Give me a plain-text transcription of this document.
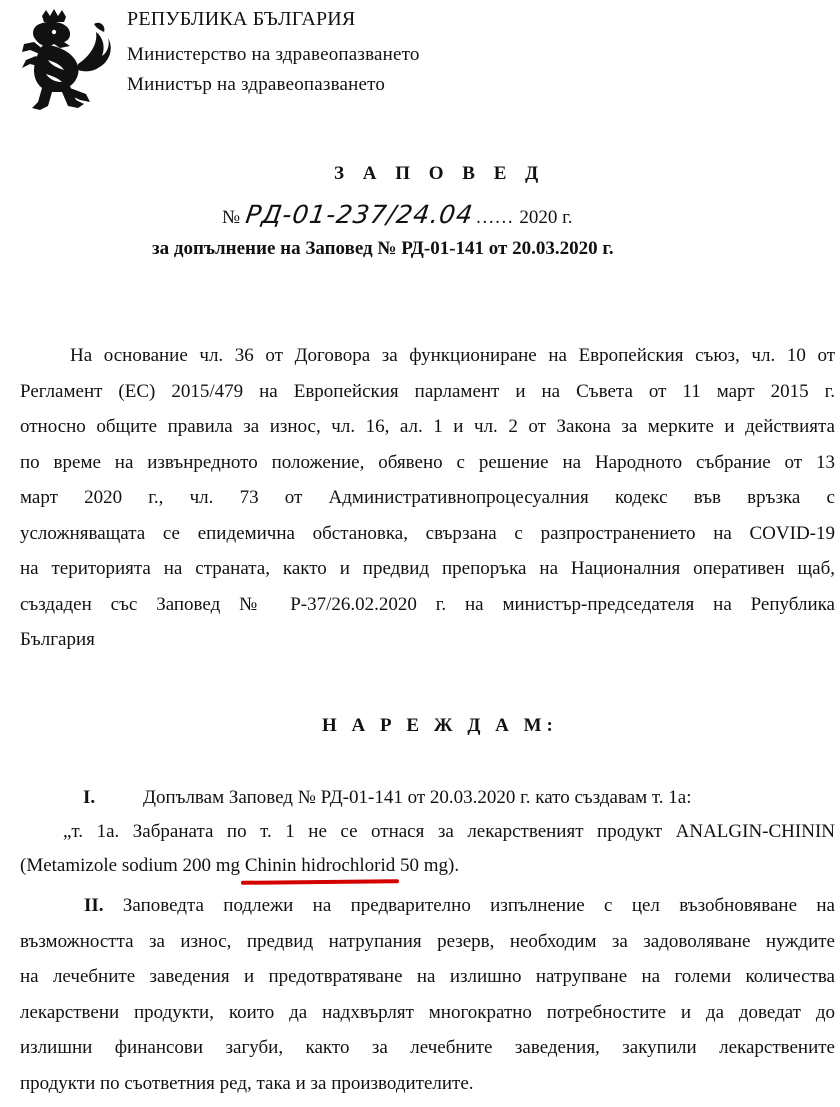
РЕПУБЛИКА БЪЛГАРИЯ
Министерство на здравеопазването
Министър на здравеопазването
З А П О В Е Д
№ РД-01-237/24.04 …… 2020 г.
за допълнение на Заповед № РД-01-141 от 20.03.2020 г.
На основание чл. 36 от Договора за функциониране на Европейския съюз, чл. 10 от
Регламент (ЕС) 2015/479 на Европейския парламент и на Съвета от 11 март 2015 г.
относно общите правила за износ, чл. 16, ал. 1 и чл. 2 от Закона за мерките и действията
по време на извънредното положение, обявено с решение на Народното събрание от 13
март 2020 г., чл. 73 от Административнопроцесуалния кодекс във връзка с
усложняващата се епидемична обстановка, свързана с разпространението на COVID-19
на територията на страната, както и предвид препоръка на Националния оперативен щаб,
създаден със Заповед № Р-37/26.02.2020 г. на министър-председателя на Република
България
Н А Р Е Ж Д А М:
I.	Допълвам Заповед № РД-01-141 от 20.03.2020 г. като създавам т. 1а:
„т. 1а. Забраната по т. 1 не се отнася за лекарственият продукт ANALGIN-CHININ
(Metamizole sodium 200 mg Chinin hidrochlorid 50 mg).
II. Заповедта подлежи на предварително изпълнение с цел възобновяване на
възможността за износ, предвид натрупания резерв, необходим за задоволяване нуждите
на лечебните заведения и предотвратяване на излишно натрупване на големи количества
лекарствени продукти, които да надхвърлят многократно потребностите и да доведат до
излишни финансови загуби, както за лечебните заведения, закупили лекарствените
продукти по съответния ред, така и за производителите.
